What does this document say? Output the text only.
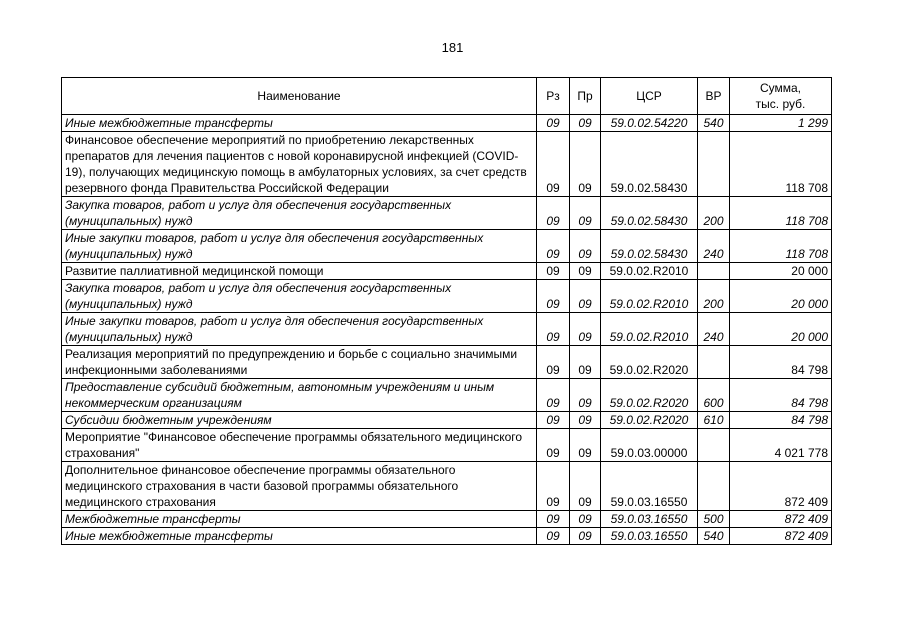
181
Наименование	Рз	Пр	ЦСР	ВР	Сумма,
тыс. руб.

Иные межбюджетные трансферты	09	09	59.0.02.54220	540	1 299
Финансовое обеспечение мероприятий по приобретению лекарственных препаратов для лечения пациентов с новой коронавирусной инфекцией (COVID-19), получающих медицинскую помощь в амбулаторных условиях, за счет средств резервного фонда Правительства Российской Федерации	09	09	59.0.02.58430		118 708
Закупка товаров, работ и услуг для обеспечения государственных (муниципальных) нужд	09	09	59.0.02.58430	200	118 708
Иные закупки товаров, работ и услуг для обеспечения государственных (муниципальных) нужд	09	09	59.0.02.58430	240	118 708
Развитие паллиативной медицинской помощи	09	09	59.0.02.R2010		20 000
Закупка товаров, работ и услуг для обеспечения государственных (муниципальных) нужд	09	09	59.0.02.R2010	200	20 000
Иные закупки товаров, работ и услуг для обеспечения государственных (муниципальных) нужд	09	09	59.0.02.R2010	240	20 000
Реализация мероприятий по предупреждению и борьбе с социально значимыми инфекционными заболеваниями	09	09	59.0.02.R2020		84 798
Предоставление субсидий бюджетным, автономным учреждениям и иным некоммерческим организациям	09	09	59.0.02.R2020	600	84 798
Субсидии бюджетным учреждениям	09	09	59.0.02.R2020	610	84 798
Мероприятие "Финансовое обеспечение программы обязательного медицинского страхования"	09	09	59.0.03.00000		4 021 778
Дополнительное финансовое обеспечение программы обязательного медицинского страхования в части базовой программы обязательного медицинского страхования	09	09	59.0.03.16550		872 409
Межбюджетные трансферты	09	09	59.0.03.16550	500	872 409
Иные межбюджетные трансферты	09	09	59.0.03.16550	540	872 409
